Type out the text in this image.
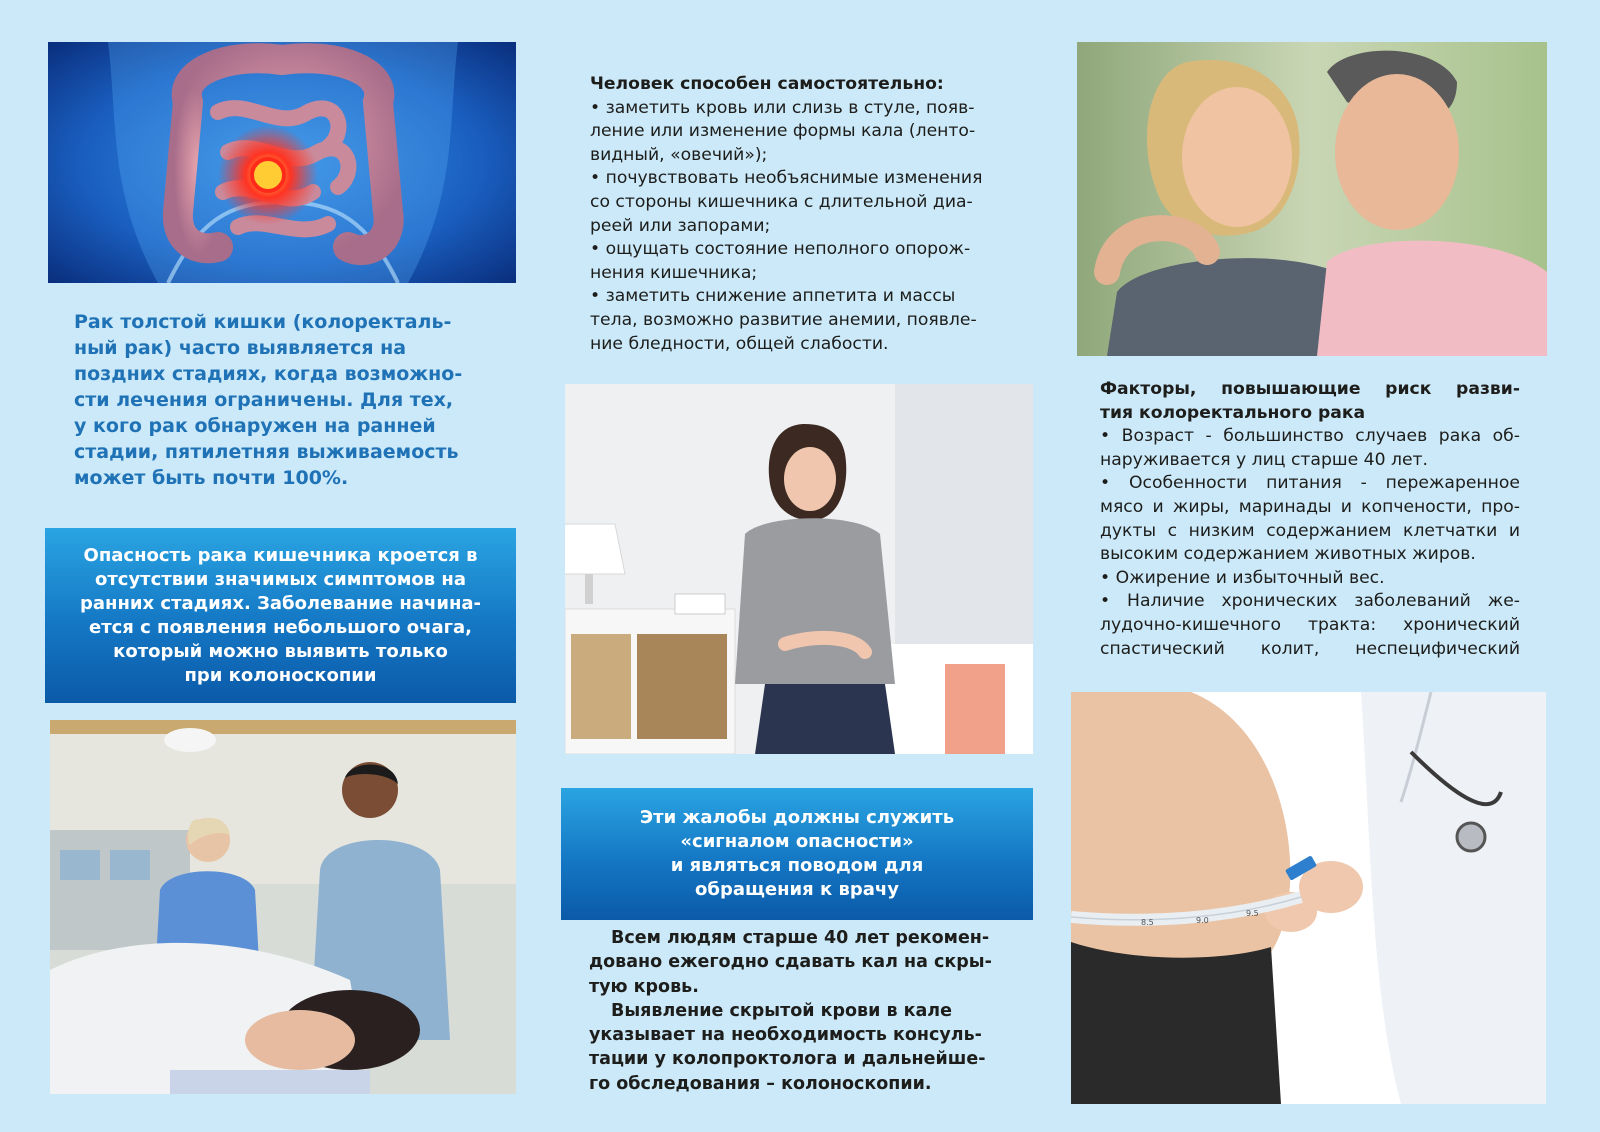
Рак толстой кишки (колоректаль-
ный рак) часто выявляется на
поздних стадиях, когда возможно-
сти лечения ограничены. Для тех,
у кого рак обнаружен на ранней
стадии, пятилетняя выживаемость
может быть почти 100%.
Опасность рака кишечника кроется в
отсутствии значимых симптомов на
ранних стадиях. Заболевание начина-
ется с появления небольшого очага,
который можно выявить только
при колоноскопии

Человек способен самостоятельно:

• заметить кровь или слизь в стуле, появ-

ление или изменение формы кала (ленто-

видный, «овечий»);

• почувствовать необъяснимые изменения

со стороны кишечника с длительной диа-

реей или запорами;

• ощущать состояние неполного опорож-

нения кишечника;

• заметить снижение аппетита и массы

тела, возможно развитие анемии, появле-

ние бледности, общей слабости.

Эти жалобы должны служить
«сигналом опасности»
и являться поводом для
обращения к врачу

Всем людям старше 40 лет рекомен-

довано ежегодно сдавать кал на скры-

тую кровь.

Выявление скрытой крови в кале

указывает на необходимость консуль-

тации у колопроктолога и дальнейше-

го обследования – колоноскопии.

Факторы, повышающие риск разви-

тия колоректального рака

• Возраст - большинство случаев рака об-

наруживается у лиц старше 40 лет.

• Особенности питания - пережаренное

мясо и жиры, маринады и копчености, про-

дукты с низким содержанием клетчатки и

высоким содержанием животных жиров.

• Ожирение и избыточный вес.

• Наличие хронических заболеваний же-

лудочно-кишечного тракта: хронический

спастический колит, неспецифический

8.5	9.0
9.5
